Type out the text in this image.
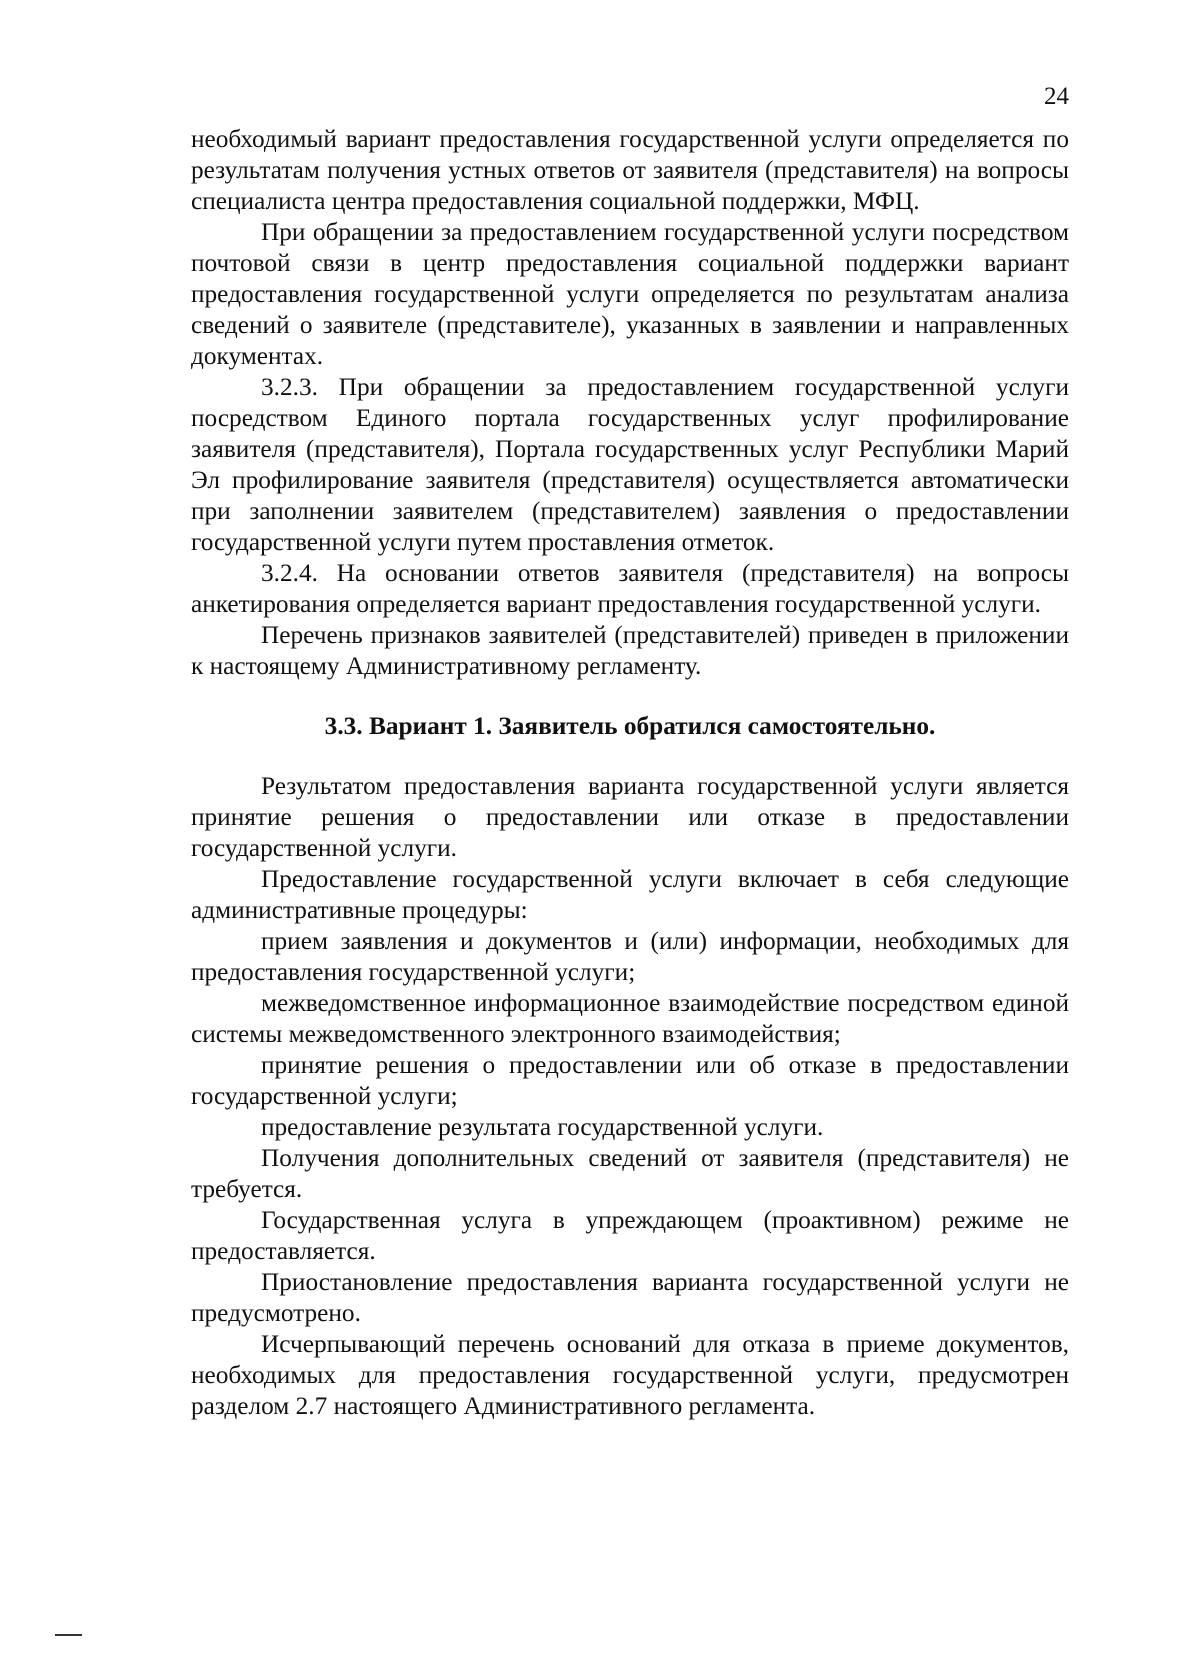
24

необходимый вариант предоставления государственной услуги определяется по результатам получения устных ответов от заявителя (представителя) на вопросы специалиста центра предоставления социальной поддержки, МФЦ.

При обращении за предоставлением государственной услуги посредством почтовой связи в центр предоставления социальной поддержки вариант предоставления государственной услуги определяется по результатам анализа сведений о заявителе (представителе), указанных в заявлении и направленных документах.

3.2.3. При обращении за предоставлением государственной услуги посредством Единого портала государственных услуг профилирование заявителя (представителя), Портала государственных услуг Республики Марий Эл профилирование заявителя (представителя) осуществляется автоматически при заполнении заявителем (представителем) заявления о предоставлении государственной услуги путем проставления отметок.

3.2.4. На основании ответов заявителя (представителя) на вопросы анкетирования определяется вариант предоставления государственной услуги.

Перечень признаков заявителей (представителей) приведен в приложении к настоящему Административному регламенту.

3.3. Вариант 1. Заявитель обратился самостоятельно.

Результатом предоставления варианта государственной услуги является принятие решения о предоставлении или отказе в предоставлении государственной услуги.

Предоставление государственной услуги включает в себя следующие административные процедуры:

прием заявления и документов и (или) информации, необходимых для предоставления государственной услуги;

межведомственное информационное взаимодействие посредством единой системы межведомственного электронного взаимодействия;

принятие решения о предоставлении или об отказе в предоставлении государственной услуги;

предоставление результата государственной услуги.

Получения дополнительных сведений от заявителя (представителя) не требуется.

Государственная услуга в упреждающем (проактивном) режиме не предоставляется.

Приостановление предоставления варианта государственной услуги не предусмотрено.

Исчерпывающий перечень оснований для отказа в приеме документов, необходимых для предоставления государственной услуги, предусмотрен разделом 2.7 настоящего Административного регламента.
